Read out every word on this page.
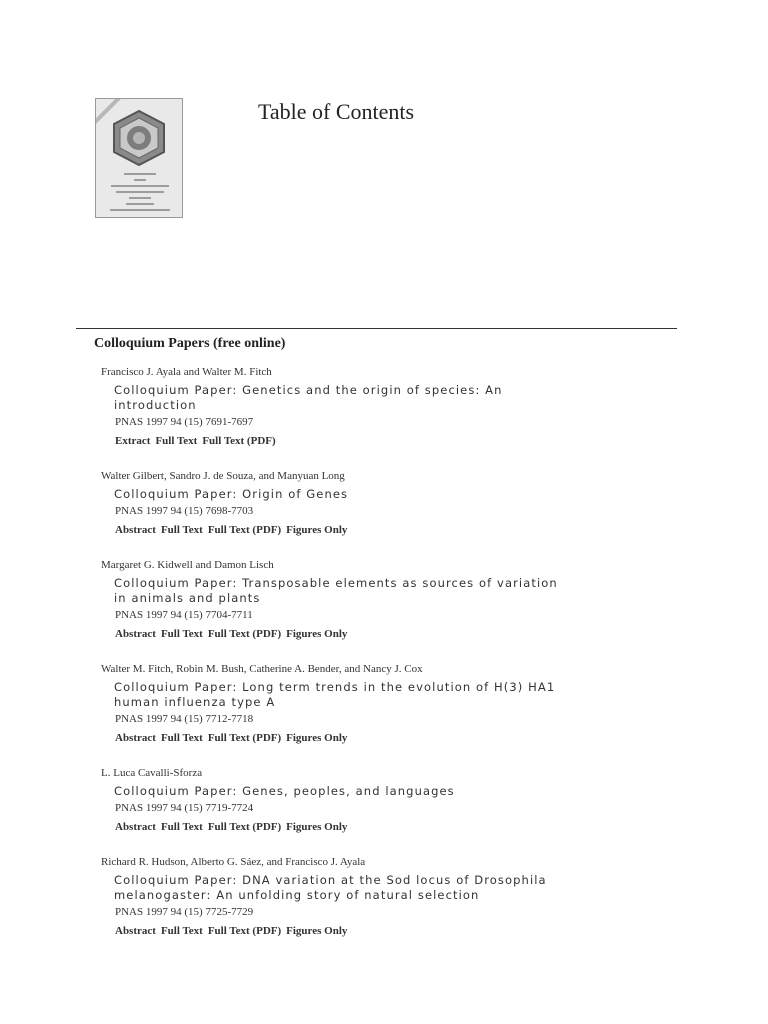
Table of Contents
Colloquium Papers (free online)
Francisco J. Ayala and Walter M. Fitch
Colloquium Paper: Genetics and the origin of species: An introduction
PNAS 1997 94 (15) 7691-7697
Extract Full Text Full Text (PDF)
Walter Gilbert, Sandro J. de Souza, and Manyuan Long
Colloquium Paper: Origin of Genes
PNAS 1997 94 (15) 7698-7703
Abstract Full Text Full Text (PDF) Figures Only
Margaret G. Kidwell and Damon Lisch
Colloquium Paper: Transposable elements as sources of variation in animals and plants
PNAS 1997 94 (15) 7704-7711
Abstract Full Text Full Text (PDF) Figures Only
Walter M. Fitch, Robin M. Bush, Catherine A. Bender, and Nancy J. Cox
Colloquium Paper: Long term trends in the evolution of H(3) HA1 human influenza type A
PNAS 1997 94 (15) 7712-7718
Abstract Full Text Full Text (PDF) Figures Only
L. Luca Cavalli-Sforza
Colloquium Paper: Genes, peoples, and languages
PNAS 1997 94 (15) 7719-7724
Abstract Full Text Full Text (PDF) Figures Only
Richard R. Hudson, Alberto G. Sáez, and Francisco J. Ayala
Colloquium Paper: DNA variation at the Sod locus of Drosophila melanogaster: An unfolding story of natural selection
PNAS 1997 94 (15) 7725-7729
Abstract Full Text Full Text (PDF) Figures Only
